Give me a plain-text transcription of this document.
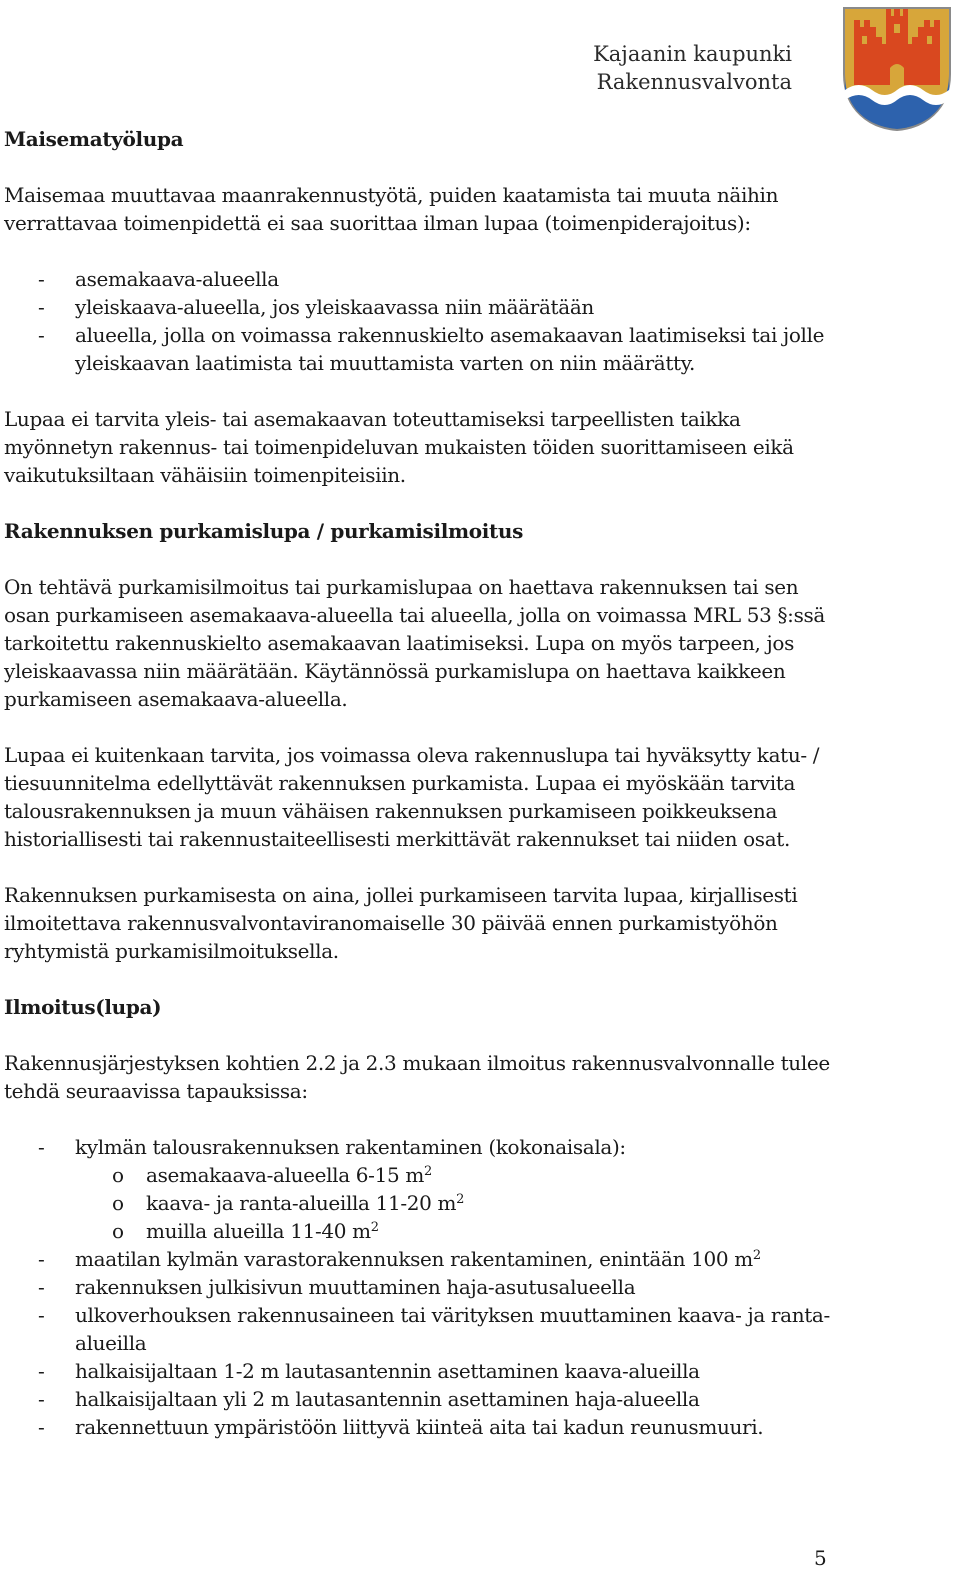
Kajaanin kaupunki
Rakennusvalvonta
Maisematyölupa

Maisemaa muuttavaa maanrakennustyötä, puiden kaatamista tai muuta näihin verrattavaa toimenpidettä ei saa suorittaa ilman lupaa (toimenpiderajoitus):

- asemakaava-alueella
- yleiskaava-alueella, jos yleiskaavassa niin määrätään
- alueella, jolla on voimassa rakennuskielto asemakaavan laatimiseksi tai jolle yleiskaavan laatimista tai muuttamista varten on niin määrätty.

Lupaa ei tarvita yleis- tai asemakaavan toteuttamiseksi tarpeellisten taikka myönnetyn rakennus- tai toimenpideluvan mukaisten töiden suorittamiseen eikä vaikutuksiltaan vähäisiin toimenpiteisiin.

Rakennuksen purkamislupa / purkamisilmoitus

On tehtävä purkamisilmoitus tai purkamislupaa on haettava rakennuksen tai sen osan purkamiseen asemakaava-alueella tai alueella, jolla on voimassa MRL 53 §:ssä tarkoitettu rakennuskielto asemakaavan laatimiseksi. Lupa on myös tarpeen, jos yleiskaavassa niin määrätään. Käytännössä purkamislupa on haettava kaikkeen purkamiseen asemakaava-alueella.

Lupaa ei kuitenkaan tarvita, jos voimassa oleva rakennuslupa tai hyväksytty katu- / tiesuunnitelma edellyttävät rakennuksen purkamista. Lupaa ei myöskään tarvita talousrakennuksen ja muun vähäisen rakennuksen purkamiseen poikkeuksena historiallisesti tai rakennustaiteellisesti merkittävät rakennukset tai niiden osat.

Rakennuksen purkamisesta on aina, jollei purkamiseen tarvita lupaa, kirjallisesti ilmoitettava rakennusvalvontaviranomaiselle 30 päivää ennen purkamistyöhön ryhtymistä purkamisilmoituksella.

Ilmoitus(lupa)

Rakennusjärjestyksen kohtien 2.2 ja 2.3 mukaan ilmoitus rakennusvalvonnalle tulee tehdä seuraavissa tapauksissa:

- kylmän talousrakennuksen rakentaminen (kokonaisala):
o asemakaava-alueella 6-15 $m^2$
o kaava- ja ranta-alueilla 11-20 $m^2$
o muilla alueilla 11-40 $m^2$
- maatilan kylmän varastorakennuksen rakentaminen, enintään 100 $m^2$
- rakennuksen julkisivun muuttaminen haja-asutusalueella
- ulkoverhouksen rakennusaineen tai värityksen muuttaminen kaava- ja ranta-alueilla
- halkaisijaltaan 1-2 m lautasantennin asettaminen kaava-alueilla
- halkaisijaltaan yli 2 m lautasantennin asettaminen haja-alueella
- rakennettuun ympäristöön liittyvä kiinteä aita tai kadun reunusmuuri.
5
